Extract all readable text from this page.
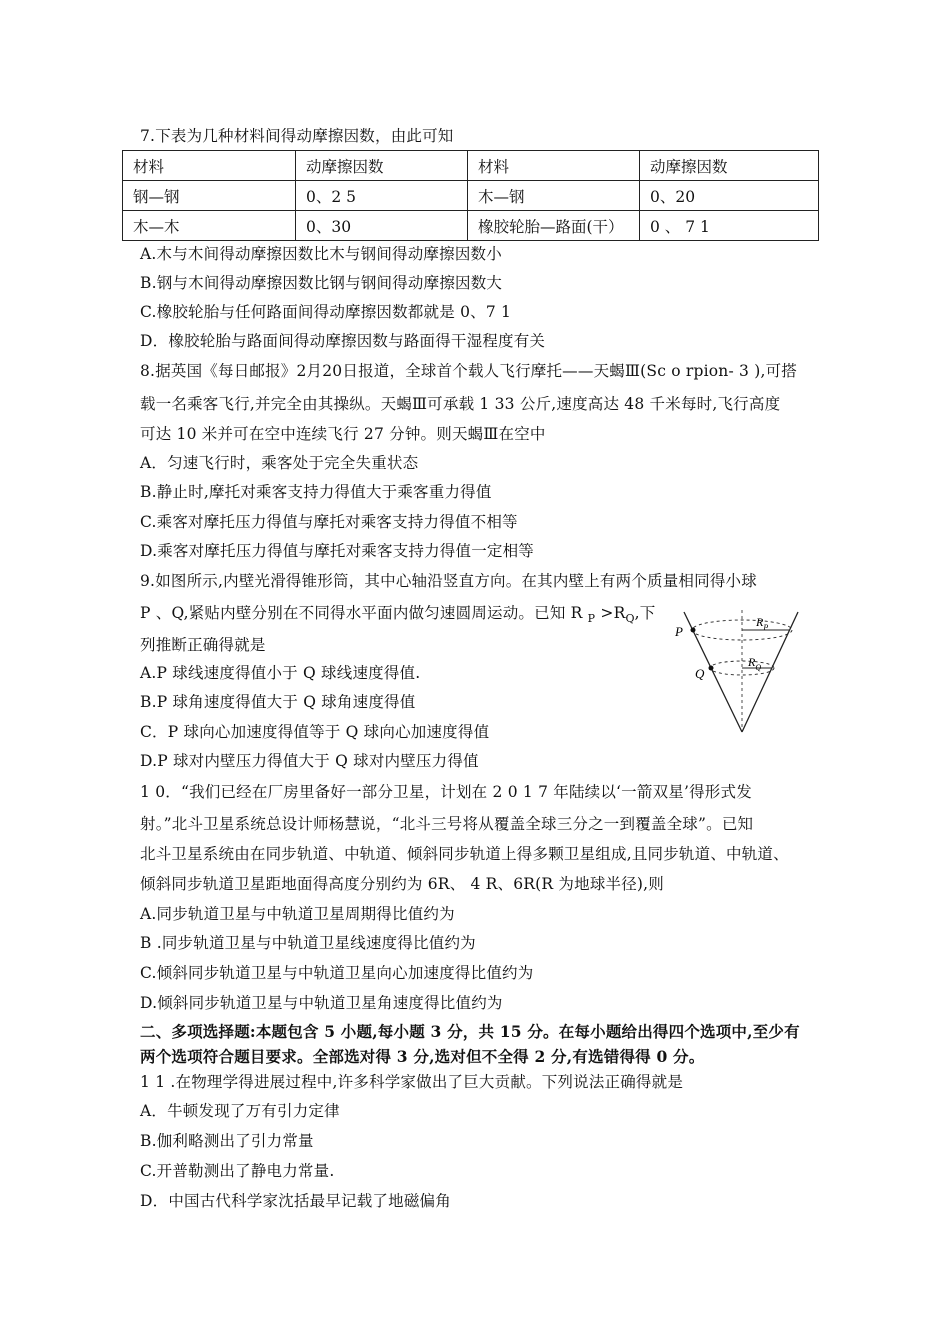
7.下表为几种材料间得动摩擦因数，由此可知
材料	动摩擦因数	材料	动摩擦因数
钢—钢	0、2 5	木—钢	0、20
木—木	0、30	橡胶轮胎—路面(干）	0 、 7 1
A.木与木间得动摩擦因数比木与钢间得动摩擦因数小
B.钢与木间得动摩擦因数比钢与钢间得动摩擦因数大
C.橡胶轮胎与任何路面间得动摩擦因数都就是 0、7 1
D．橡胶轮胎与路面间得动摩擦因数与路面得干湿程度有关
8.据英国《每日邮报》2月20日报道，全球首个载人飞行摩托——天蝎Ⅲ(Sc o rpion- 3 ),可搭
载一名乘客飞行,并完全由其操纵。天蝎Ⅲ可承载 1 33 公斤,速度高达 48 千米每时,飞行高度
可达 10 米并可在空中连续飞行 27 分钟。则天蝎Ⅲ在空中
A．匀速飞行时，乘客处于完全失重状态
B.静止时,摩托对乘客支持力得值大于乘客重力得值
C.乘客对摩托压力得值与摩托对乘客支持力得值不相等
D.乘客对摩托压力得值与摩托对乘客支持力得值一定相等
9.如图所示,内壁光滑得锥形筒，其中心轴沿竖直方向。在其内壁上有两个质量相同得小球
P 、Q,紧贴内壁分别在不同得水平面内做匀速圆周运动。已知 R $_P >R_Q$,下
列推断正确得就是
A.P 球线速度得值小于 Q 球线速度得值.
B.P 球角速度得值大于 Q 球角速度得值
C．P 球向心加速度得值等于 Q 球向心加速度得值
D.P 球对内壁压力得值大于 Q 球对内壁压力得值
P
Q
$R_P$
$R_Q$
1 0．“我们已经在厂房里备好一部分卫星，计划在 2 0 1 7 年陆续以‘一箭双星’得形式发
射。”北斗卫星系统总设计师杨慧说，“北斗三号将从覆盖全球三分之一到覆盖全球”。已知
北斗卫星系统由在同步轨道、中轨道、倾斜同步轨道上得多颗卫星组成,且同步轨道、中轨道、
倾斜同步轨道卫星距地面得高度分别约为 6R、 4 R、6R(R 为地球半径),则
A.同步轨道卫星与中轨道卫星周期得比值约为
B .同步轨道卫星与中轨道卫星线速度得比值约为
C.倾斜同步轨道卫星与中轨道卫星向心加速度得比值约为
D.倾斜同步轨道卫星与中轨道卫星角速度得比值约为
二、多项选择题:本题包含 5 小题,每小题 3 分，共 15 分。在每小题给出得四个选项中,至少有
两个选项符合题目要求。全部选对得 3 分,选对但不全得 2 分,有选错得得 0 分。
1 1 .在物理学得进展过程中,许多科学家做出了巨大贡献。下列说法正确得就是
A．牛顿发现了万有引力定律
B.伽利略测出了引力常量
C.开普勒测出了静电力常量.
D．中国古代科学家沈括最早记载了地磁偏角
